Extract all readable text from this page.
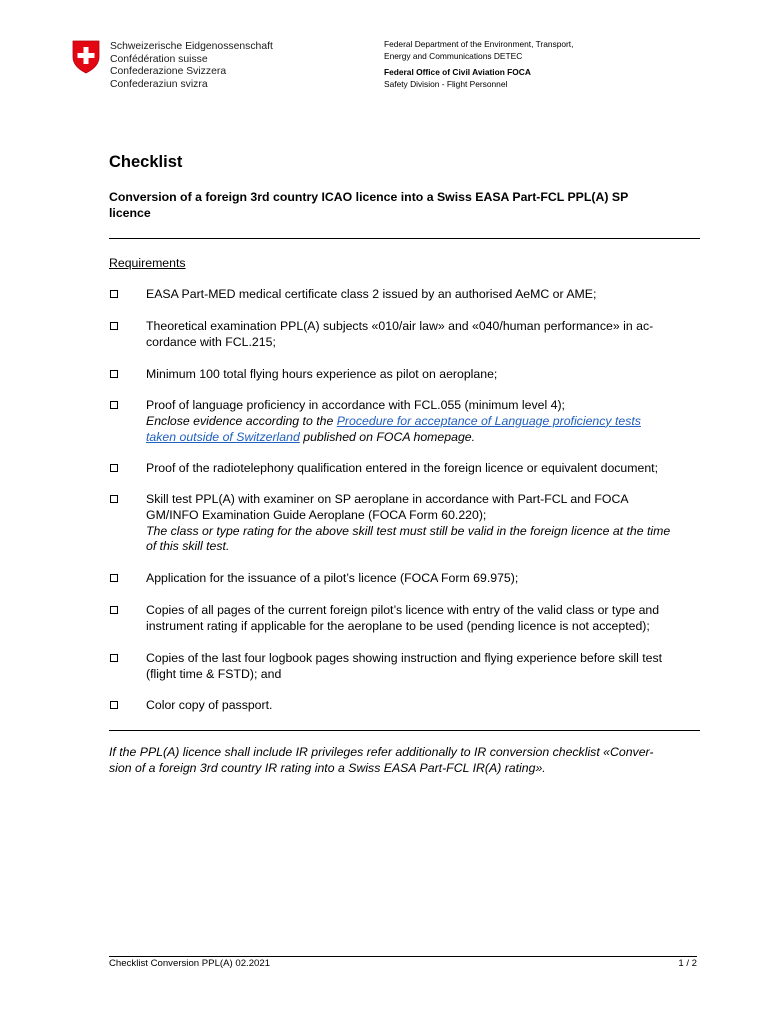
Schweizerische Eidgenossenschaft
Confédération suisse
Confederazione Svizzera
Confederaziun svizra
Federal Department of the Environment, Transport,
Energy and Communications DETEC
Federal Office of Civil Aviation FOCA
Safety Division - Flight Personnel
Checklist
Conversion of a foreign 3rd country ICAO licence into a Swiss EASA Part-FCL PPL(A) SP
licence
Requirements
EASA Part-MED medical certificate class 2 issued by an authorised AeMC or AME;
Theoretical examination PPL(A) subjects «010/air law» and «040/human performance» in ac-
cordance with FCL.215;
Minimum 100 total flying hours experience as pilot on aeroplane;
Proof of language proficiency in accordance with FCL.055 (minimum level 4);
Enclose evidence according to the Procedure for acceptance of Language proficiency tests
taken outside of Switzerland published on FOCA homepage.
Proof of the radiotelephony qualification entered in the foreign licence or equivalent document;
Skill test PPL(A) with examiner on SP aeroplane in accordance with Part-FCL and FOCA
GM/INFO Examination Guide Aeroplane (FOCA Form 60.220);
The class or type rating for the above skill test must still be valid in the foreign licence at the time
of this skill test.
Application for the issuance of a pilot’s licence (FOCA Form 69.975);
Copies of all pages of the current foreign pilot’s licence with entry of the valid class or type and
instrument rating if applicable for the aeroplane to be used (pending licence is not accepted);
Copies of the last four logbook pages showing instruction and flying experience before skill test
(flight time & FSTD); and
Color copy of passport.
If the PPL(A) licence shall include IR privileges refer additionally to IR conversion checklist «Conver-
sion of a foreign 3rd country IR rating into a Swiss EASA Part-FCL IR(A) rating».
Checklist Conversion PPL(A) 02.2021	1 / 2
